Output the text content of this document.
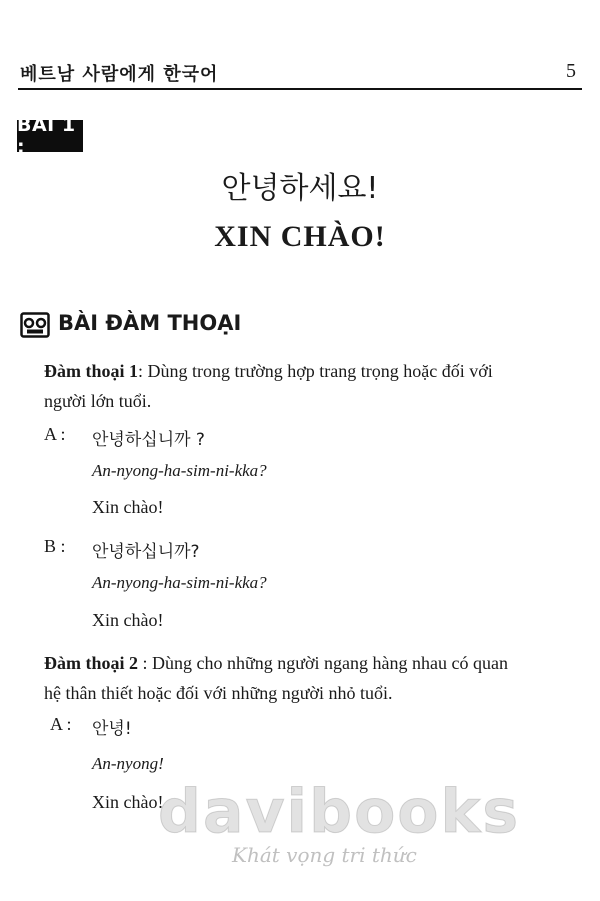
베트남 사람에게 한국어	5
BÀI 1 :
안녕하세요!
XIN CHÀO!
BÀI ĐÀM THOẠI
Đàm thoại 1: Dùng trong trường hợp trang trọng hoặc đối với
người lớn tuổi.
A : 안녕하십니까 ?
An-nyong-ha-sim-ni-kka?
Xin chào!
B : 안녕하십니까?
An-nyong-ha-sim-ni-kka?
Xin chào!
Đàm thoại 2 : Dùng cho những người ngang hàng nhau có quan
hệ thân thiết hoặc đối với những người nhỏ tuổi.
A : 안녕!
An-nyong!
Xin chào!
davibooks
Khát vọng tri thức
